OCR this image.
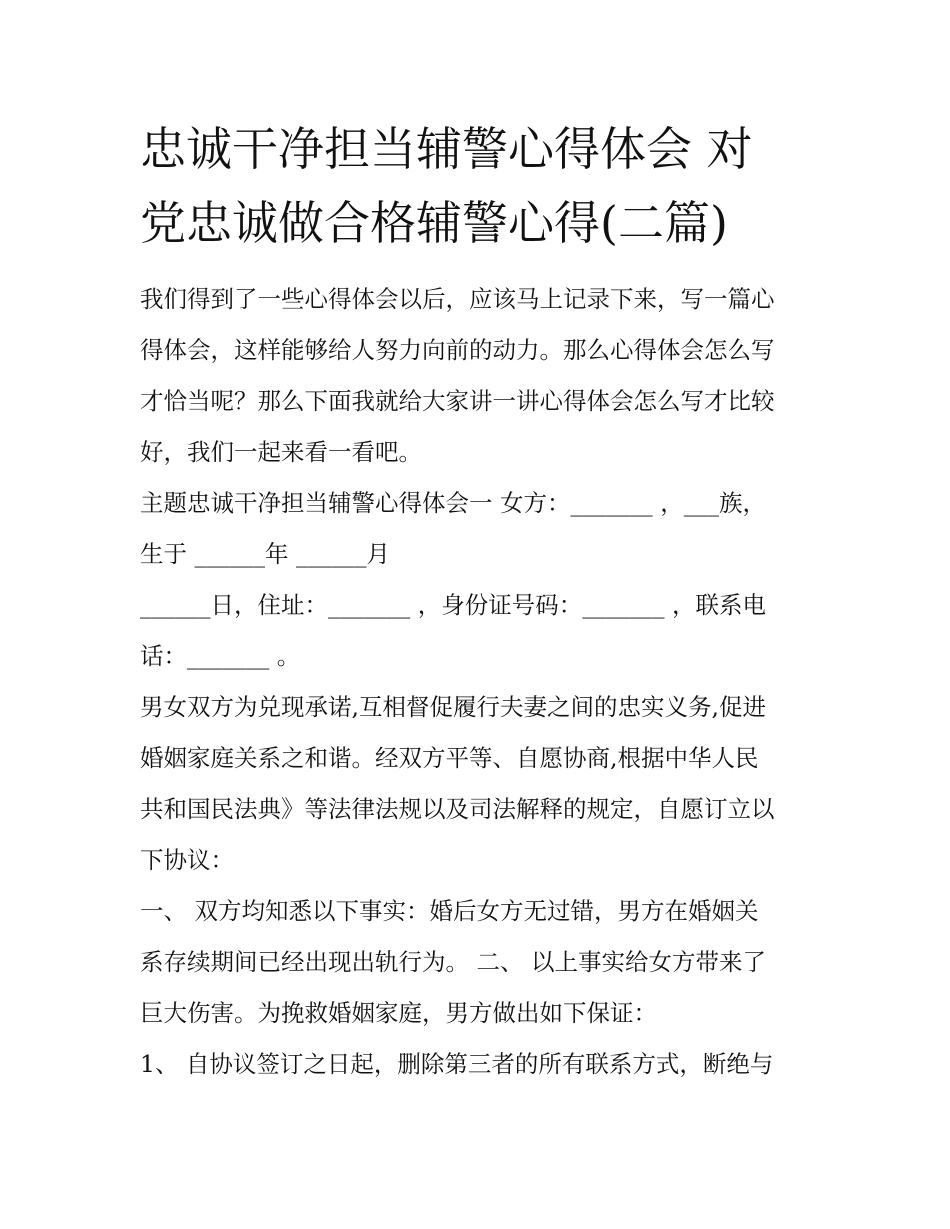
忠诚干净担当辅警心得体会 对
党忠诚做合格辅警心得(二篇)

我们得到了一些心得体会以后，应该马上记录下来，写一篇心
得体会，这样能够给人努力向前的动力。那么心得体会怎么写
才恰当呢？那么下面我就给大家讲一讲心得体会怎么写才比较
好，我们一起来看一看吧。

主题忠诚干净担当辅警心得体会一 女方：_______ ，___族，
生于 ______年 ______月

______日，住址：_______ ，身份证号码：_______ ，联系电
话：_______ 。

男女双方为兑现承诺,互相督促履行夫妻之间的忠实义务,促进
婚姻家庭关系之和谐。经双方平等、自愿协商,根据中华人民
共和国民法典》等法律法规以及司法解释的规定，自愿订立以
下协议：

一、 双方均知悉以下事实：婚后女方无过错，男方在婚姻关
系存续期间已经出现出轨行为。 二、 以上事实给女方带来了
巨大伤害。为挽救婚姻家庭，男方做出如下保证：

1、 自协议签订之日起，删除第三者的所有联系方式，断绝与
